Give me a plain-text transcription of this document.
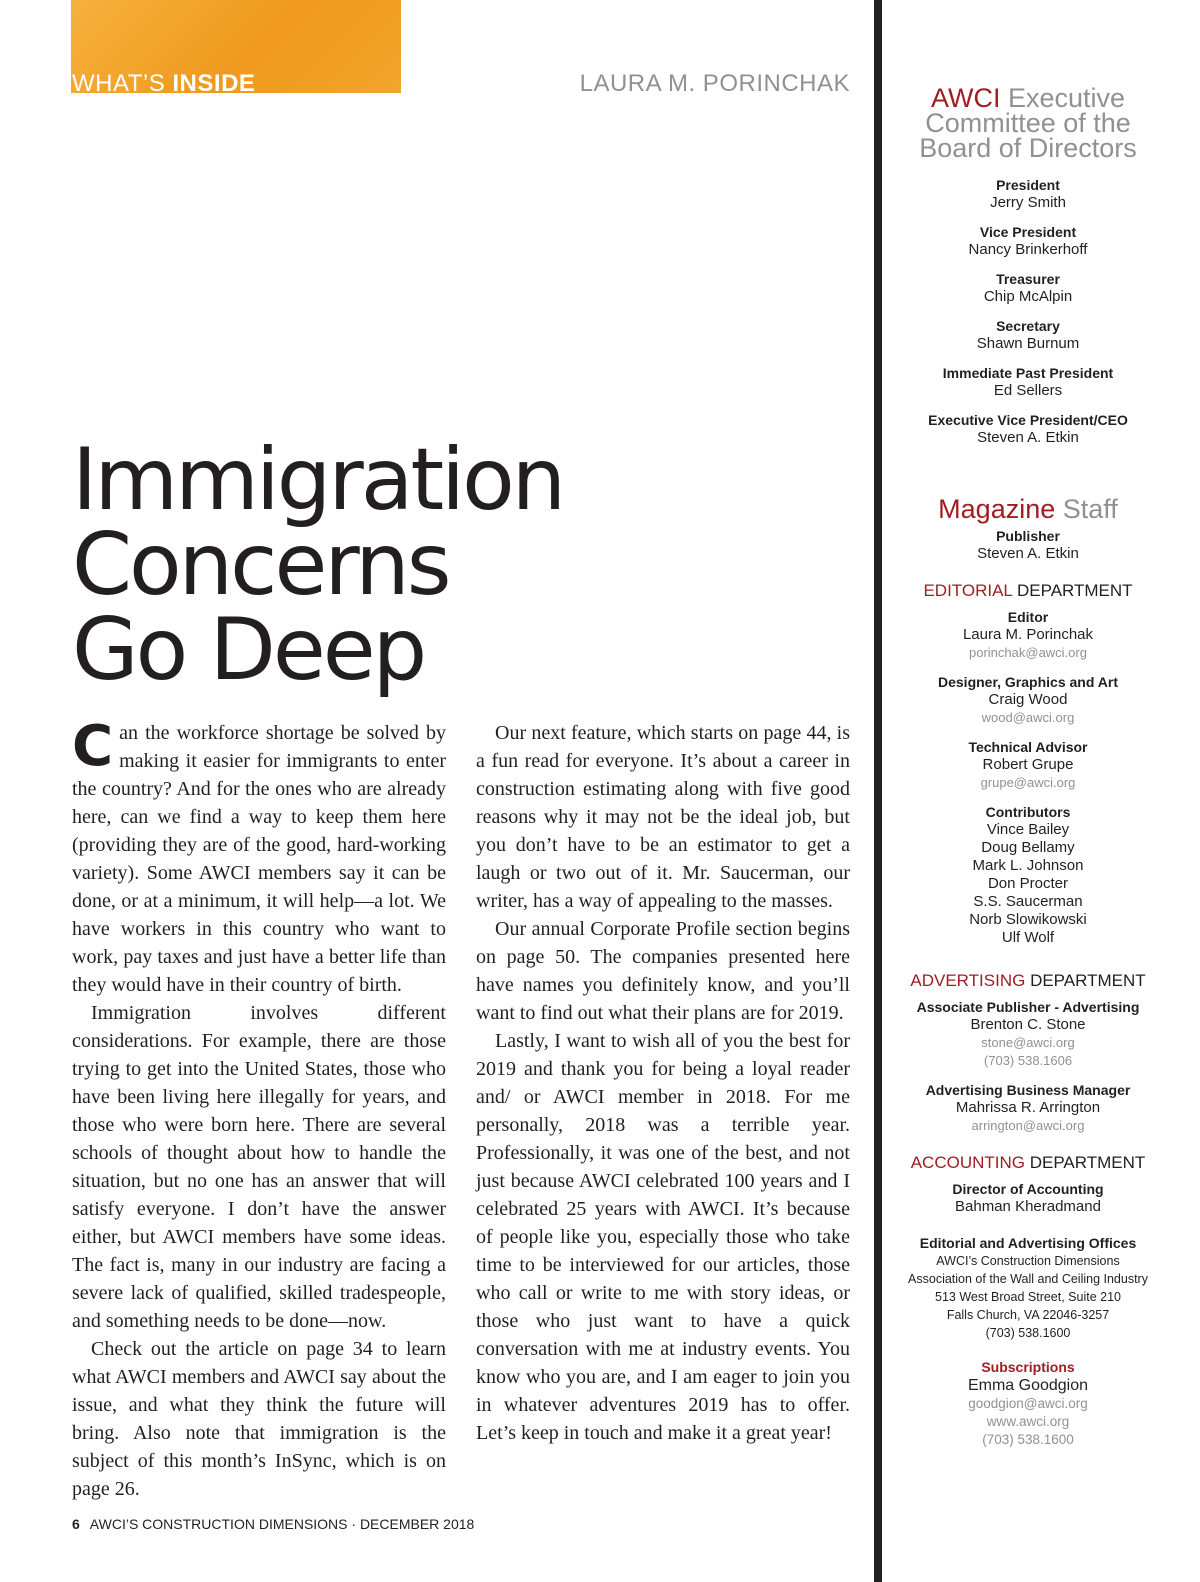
WHAT’S INSIDE	LAURA M. PORINCHAK

Immigration
Concerns
Go Deep

Can the workforce shortage be solved by making it easier for immigrants to enter the country? And for the ones who are already here, can we find a way to keep them here (providing they are of the good, hard-working variety). Some AWCI members say it can be done, or at a minimum, it will help—a lot. We have workers in this country who want to work, pay taxes and just have a better life than they would have in their country of birth.

Immigration involves different considerations. For example, there are those trying to get into the United States, those who have been living here illegally for years, and those who were born here. There are several schools of thought about how to handle the situation, but no one has an answer that will satisfy everyone. I don’t have the answer either, but AWCI members have some ideas. The fact is, many in our industry are facing a severe lack of qualified, skilled tradespeople, and something needs to be done—now.

Check out the article on page 34 to learn what AWCI members and AWCI say about the issue, and what they think the future will bring. Also note that immigration is the subject of this month’s InSync, which is on page 26.

Our next feature, which starts on page 44, is a fun read for everyone. It’s about a career in construction estimating along with five good reasons why it may not be the ideal job, but you don’t have to be an estimator to get a laugh or two out of it. Mr. Saucerman, our writer, has a way of appealing to the masses.

Our annual Corporate Profile section begins on page 50. The companies presented here have names you definitely know, and you’ll want to find out what their plans are for 2019.

Lastly, I want to wish all of you the best for 2019 and thank you for being a loyal reader and/ or AWCI member in 2018. For me personally, 2018 was a terrible year. Professionally, it was one of the best, and not just because AWCI celebrated 100 years and I celebrated 25 years with AWCI. It’s because of people like you, especially those who take time to be interviewed for our articles, those who call or write to me with story ideas, or those who just want to have a quick conversation with me at industry events. You know who you are, and I am eager to join you in whatever adventures 2019 has to offer. Let’s keep in touch and make it a great year!

6 AWCI’S CONSTRUCTION DIMENSIONS · DECEMBER 2018

AWCI Executive Committee of the Board of Directors
President
Jerry Smith
Vice President
Nancy Brinkerhoff
Treasurer
Chip McAlpin
Secretary
Shawn Burnum
Immediate Past President
Ed Sellers
Executive Vice President/CEO
Steven A. Etkin
Magazine Staff
Publisher
Steven A. Etkin
EDITORIAL DEPARTMENT
Editor
Laura M. Porinchak
porinchak@awci.org
Designer, Graphics and Art
Craig Wood
wood@awci.org
Technical Advisor
Robert Grupe
grupe@awci.org
Contributors
Vince Bailey
Doug Bellamy
Mark L. Johnson
Don Procter
S.S. Saucerman
Norb Slowikowski
Ulf Wolf
ADVERTISING DEPARTMENT
Associate Publisher - Advertising
Brenton C. Stone
stone@awci.org
(703) 538.1606
Advertising Business Manager
Mahrissa R. Arrington
arrington@awci.org
ACCOUNTING DEPARTMENT
Director of Accounting
Bahman Kheradmand
Editorial and Advertising Offices
AWCI’s Construction Dimensions
Association of the Wall and Ceiling Industry
513 West Broad Street, Suite 210
Falls Church, VA 22046-3257
(703) 538.1600
Subscriptions
Emma Goodgion
goodgion@awci.org
www.awci.org
(703) 538.1600
